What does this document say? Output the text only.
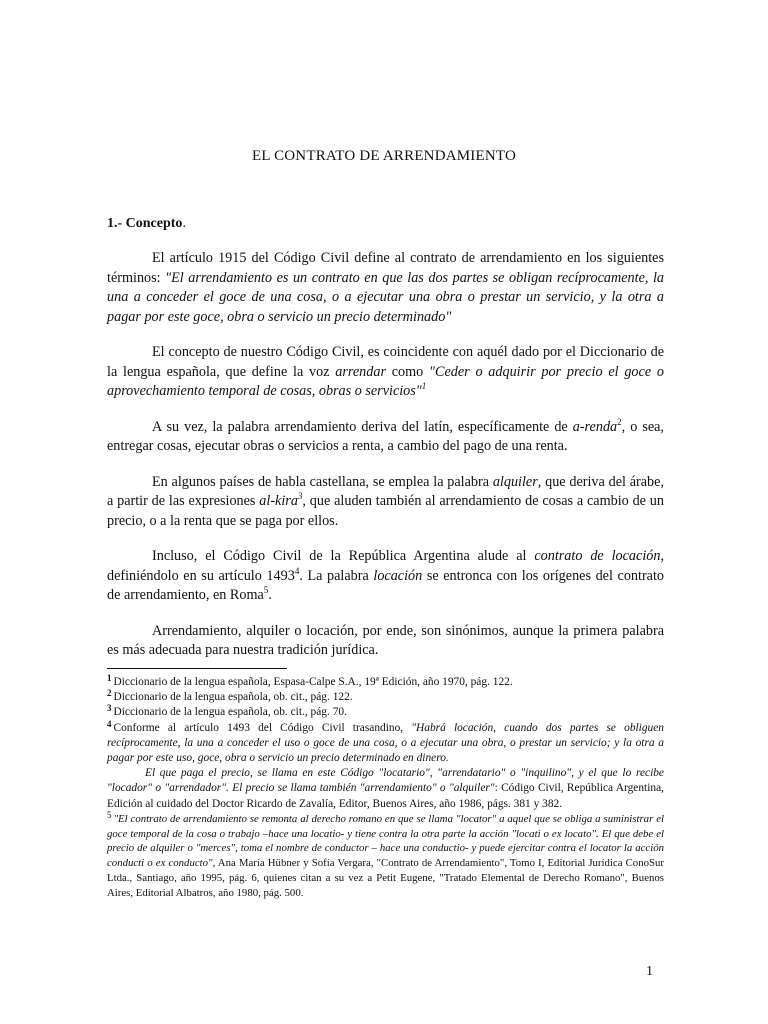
EL CONTRATO DE ARRENDAMIENTO
1.- Concepto.

El artículo 1915 del Código Civil define al contrato de arrendamiento en los siguientes términos: "El arrendamiento es un contrato en que las dos partes se obligan recíprocamente, la una a conceder el goce de una cosa, o a ejecutar una obra o prestar un servicio, y la otra a pagar por este goce, obra o servicio un precio determinado"

El concepto de nuestro Código Civil, es coincidente con aquél dado por el Diccionario de la lengua española, que define la voz arrendar como "Ceder o adquirir por precio el goce o aprovechamiento temporal de cosas, obras o servicios"$^1$

A su vez, la palabra arrendamiento deriva del latín, específicamente de a-renda$^2$, o sea, entregar cosas, ejecutar obras o servicios a renta, a cambio del pago de una renta.

En algunos países de habla castellana, se emplea la palabra alquiler, que deriva del árabe, a partir de las expresiones al-kira$^3$, que aluden también al arrendamiento de cosas a cambio de un precio, o a la renta que se paga por ellos.

Incluso, el Código Civil de la República Argentina alude al contrato de locación, definiéndolo en su artículo 1493$^4$. La palabra locación se entronca con los orígenes del contrato de arrendamiento, en Roma$^5$.

Arrendamiento, alquiler o locación, por ende, son sinónimos, aunque la primera palabra es más adecuada para nuestra tradición jurídica.

$^1$ Diccionario de la lengua española, Espasa-Calpe S.A., 19ª Edición, año 1970, pág. 122.

$^2$ Diccionario de la lengua española, ob. cit., pág. 122.

$^3$ Diccionario de la lengua española, ob. cit., pág. 70.

$^4$ Conforme al artículo 1493 del Código Civil trasandino, "Habrá locación, cuando dos partes se obliguen recíprocamente, la una a conceder el uso o goce de una cosa, o a ejecutar una obra, o prestar un servicio; y la otra a pagar por este uso, goce, obra o servicio un precio determinado en dinero.

El que paga el precio, se llama en este Código "locatario", "arrendatario" o "inquilino", y el que lo recibe "locador" o "arrendador". El precio se llama también "arrendamiento" o "alquiler": Código Civil, República Argentina, Edición al cuidado del Doctor Ricardo de Zavalía, Editor, Buenos Aires, año 1986, págs. 381 y 382.

$^5$ "El contrato de arrendamiento se remonta al derecho romano en que se llama "locator" a aquel que se obliga a suministrar el goce temporal de la cosa o trabajo –hace una locatio- y tiene contra la otra parte la acción "locati o ex locato". El que debe el precio de alquiler o "merces", toma el nombre de conductor – hace una conductio- y puede ejercitar contra el locator la acción conducti o ex conducto", Ana María Hübner y Sofía Vergara, "Contrato de Arrendamiento", Tomo I, Editorial Jurídica ConoSur Ltda., Santiago, año 1995, pág. 6, quienes citan a su vez a Petit Eugene, "Tratado Elemental de Derecho Romano", Buenos Aires, Editorial Albatros, año 1980, pág. 500.

1
